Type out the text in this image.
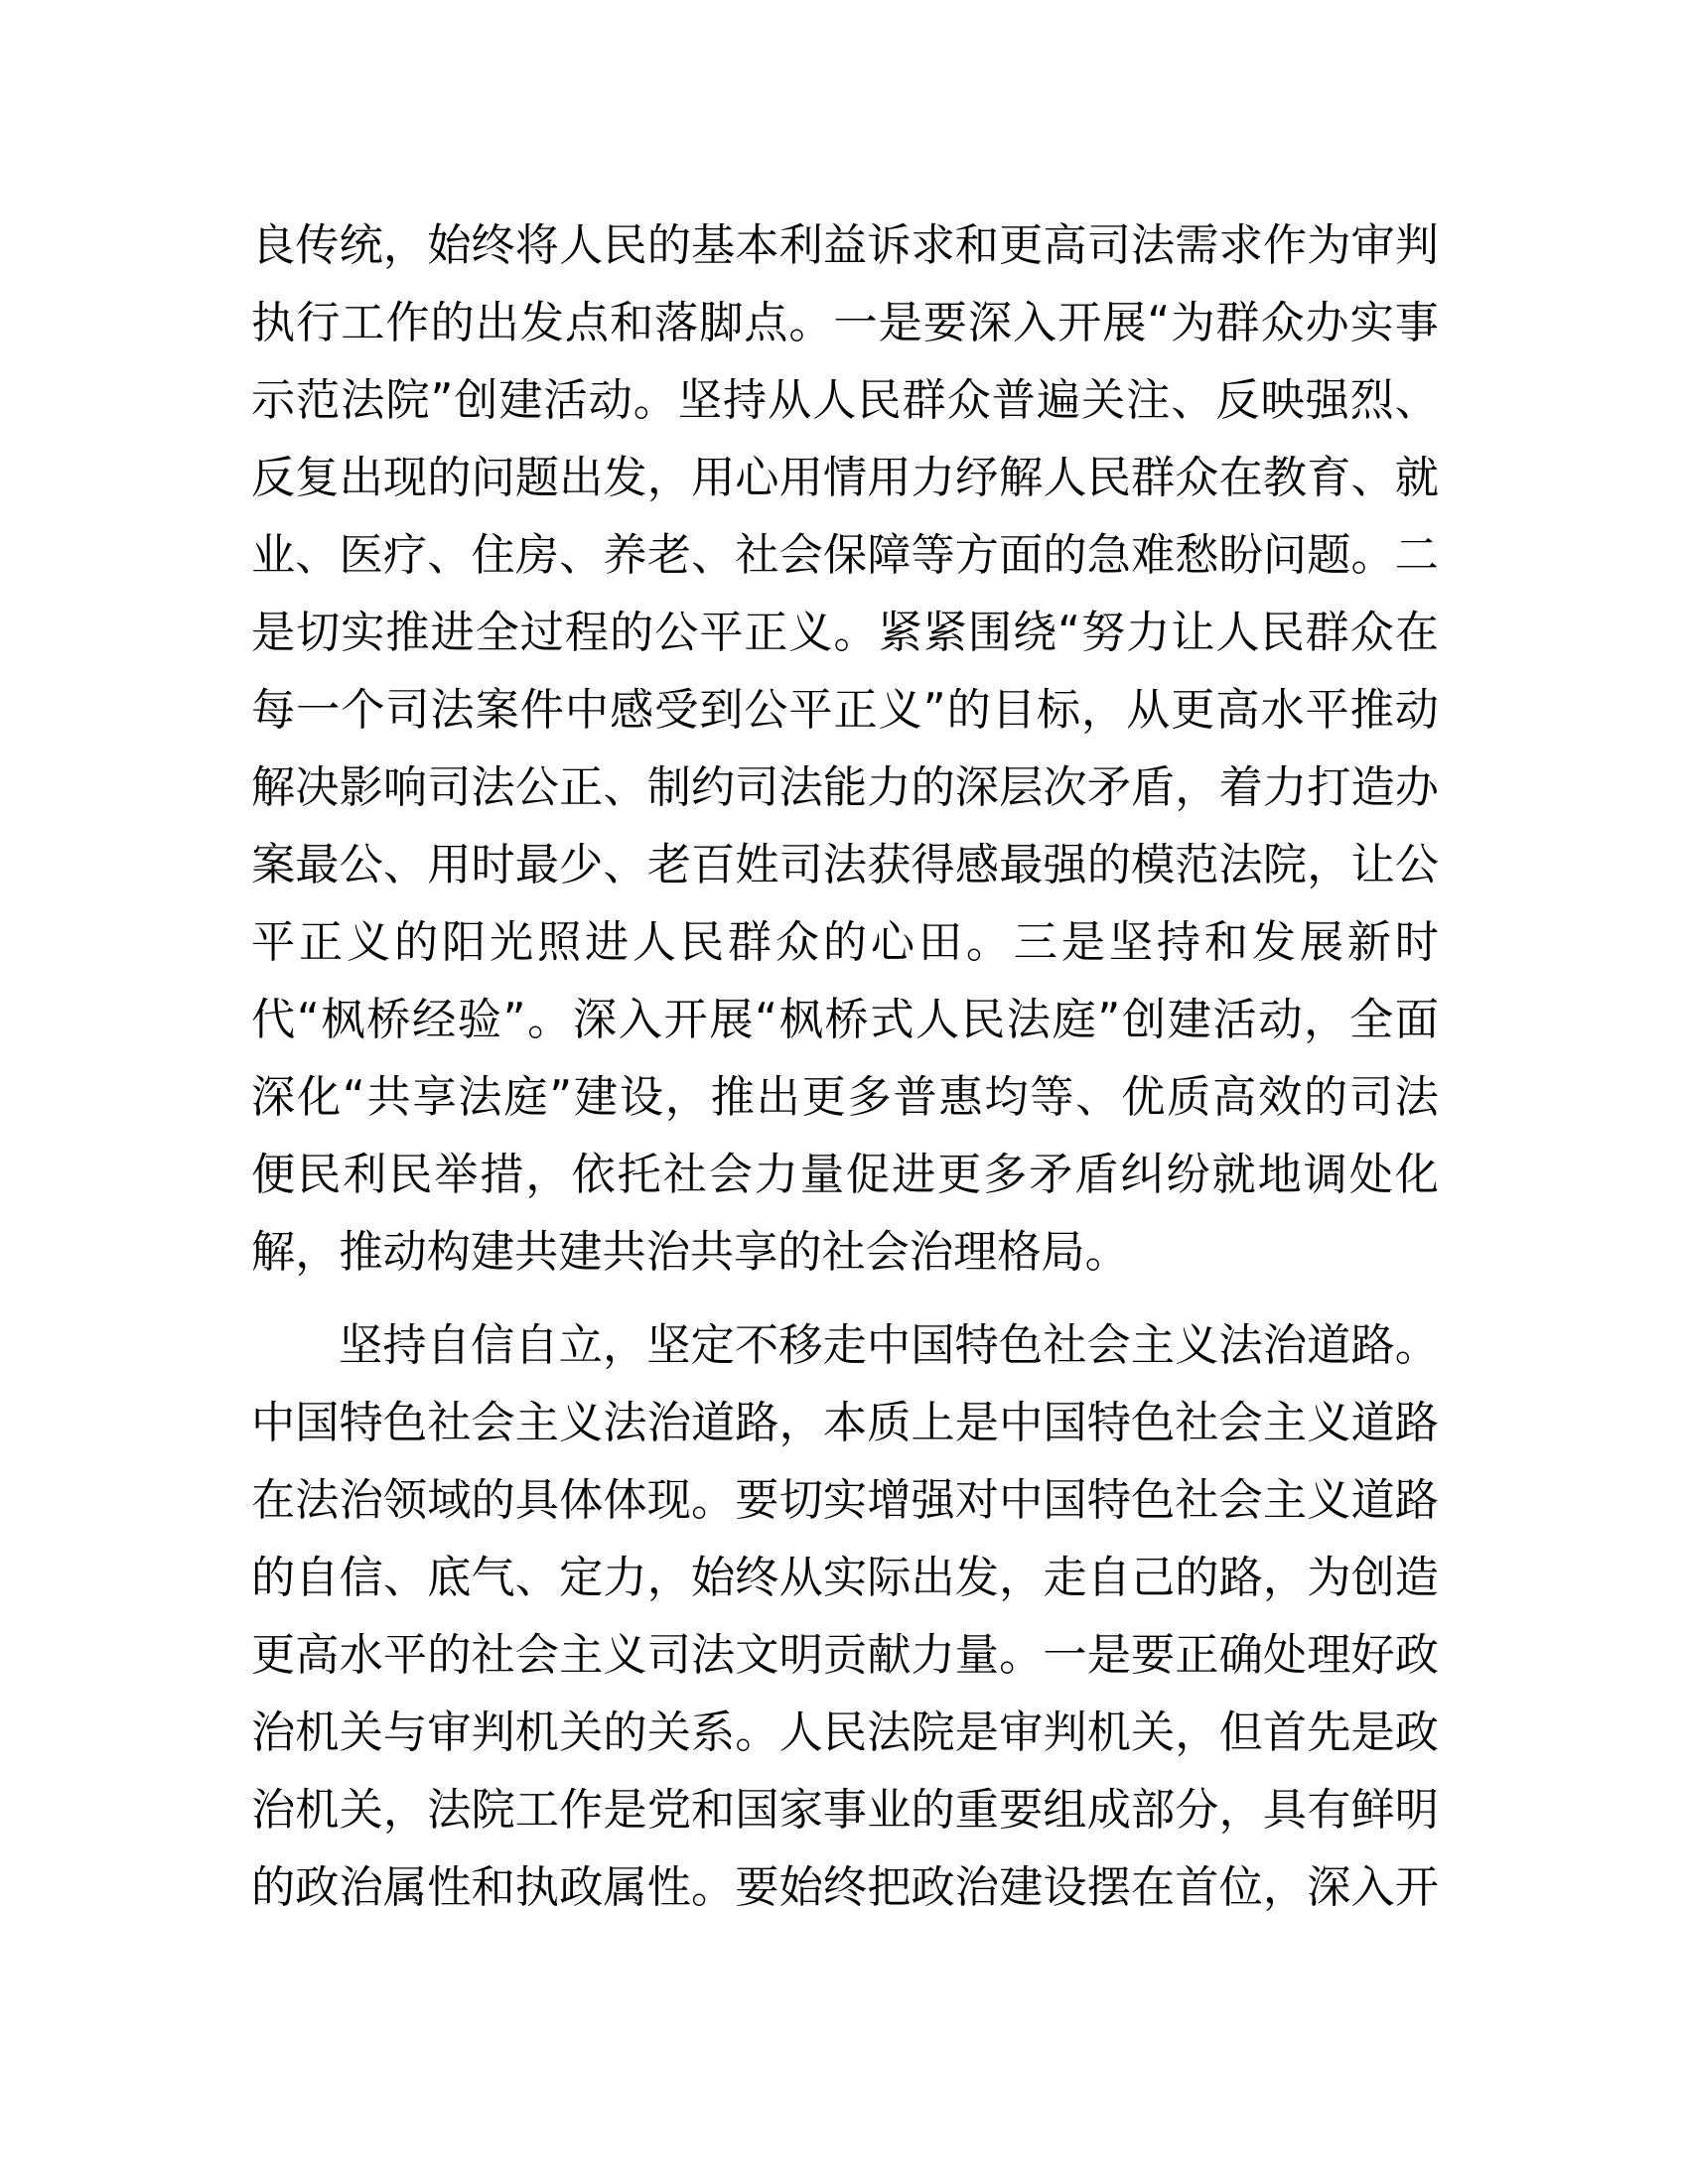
良传统，始终将人民的基本利益诉求和更高司法需求作为审判
执行工作的出发点和落脚点。一是要深入开展“为群众办实事
示范法院”创建活动。坚持从人民群众普遍关注、反映强烈、
反复出现的问题出发，用心用情用力纾解人民群众在教育、就
业、医疗、住房、养老、社会保障等方面的急难愁盼问题。二
是切实推进全过程的公平正义。紧紧围绕“努力让人民群众在
每一个司法案件中感受到公平正义”的目标，从更高水平推动
解决影响司法公正、制约司法能力的深层次矛盾，着力打造办
案最公、用时最少、老百姓司法获得感最强的模范法院，让公
平正义的阳光照进人民群众的心田。三是坚持和发展新时
代“枫桥经验”。深入开展“枫桥式人民法庭”创建活动，全面
深化“共享法庭”建设，推出更多普惠均等、优质高效的司法
便民利民举措，依托社会力量促进更多矛盾纠纷就地调处化
解，推动构建共建共治共享的社会治理格局。
坚持自信自立，坚定不移走中国特色社会主义法治道路。
中国特色社会主义法治道路，本质上是中国特色社会主义道路
在法治领域的具体体现。要切实增强对中国特色社会主义道路
的自信、底气、定力，始终从实际出发，走自己的路，为创造
更高水平的社会主义司法文明贡献力量。一是要正确处理好政
治机关与审判机关的关系。人民法院是审判机关，但首先是政
治机关，法院工作是党和国家事业的重要组成部分，具有鲜明
的政治属性和执政属性。要始终把政治建设摆在首位，深入开
